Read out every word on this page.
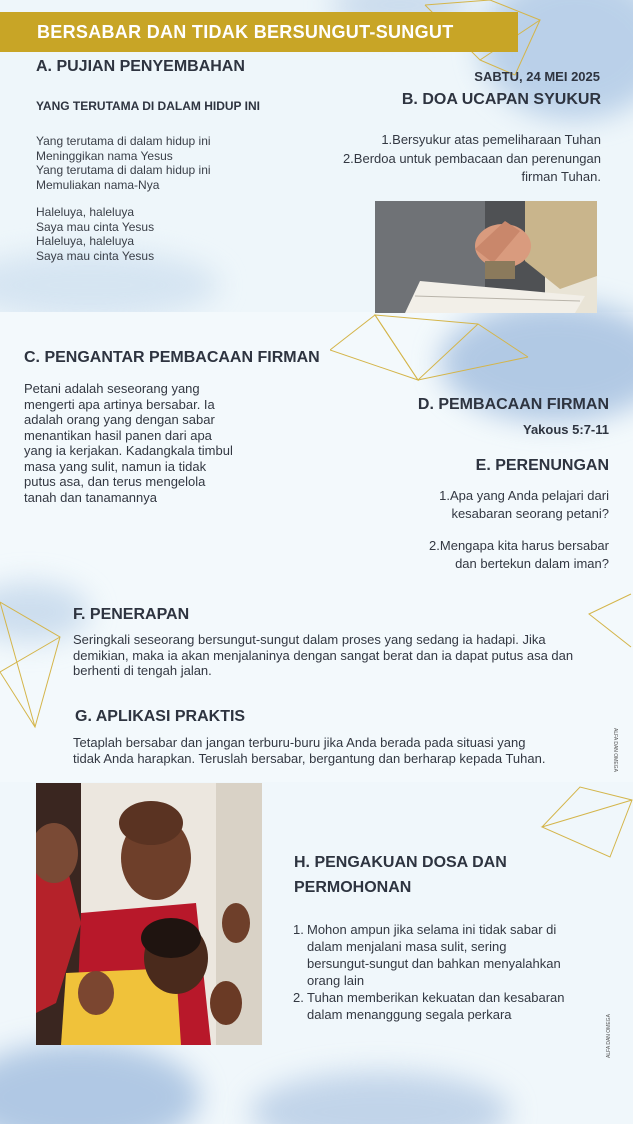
BERSABAR DAN TIDAK BERSUNGUT-SUNGUT
A. PUJIAN PENYEMBAHAN
YANG TERUTAMA DI DALAM HIDUP INI
Yang terutama di dalam hidup ini
Meninggikan nama Yesus
Yang terutama di dalam hidup ini
Memuliakan nama-Nya
Haleluya, haleluya
Saya mau cinta Yesus
Haleluya, haleluya
Saya mau cinta Yesus
SABTU, 24 MEI 2025
B. DOA UCAPAN SYUKUR
1.Bersyukur atas pemeliharaan Tuhan
2.Berdoa untuk pembacaan dan perenungan
firman Tuhan.
C. PENGANTAR PEMBACAAN FIRMAN
Petani adalah seseorang yang
mengerti apa artinya bersabar. Ia
adalah orang yang dengan sabar
menantikan hasil panen dari apa
yang ia kerjakan. Kadangkala timbul
masa yang sulit, namun ia tidak
putus asa, dan terus mengelola
tanah dan tanamannya
D. PEMBACAAN FIRMAN
Yakous 5:7-11
E. PERENUNGAN
1.Apa yang Anda pelajari dari
kesabaran seorang petani?
2.Mengapa kita harus bersabar
dan bertekun dalam iman?
F. PENERAPAN
Seringkali seseorang bersungut-sungut dalam proses yang sedang ia hadapi. Jika
demikian, maka ia akan menjalaninya dengan sangat berat dan ia dapat putus asa dan
berhenti di tengah jalan.
G. APLIKASI PRAKTIS
Tetaplah bersabar dan jangan terburu-buru jika Anda berada pada situasi yang
tidak Anda harapkan. Teruslah bersabar, bergantung dan berharap kepada Tuhan.	ALFA DAN OMEGA
ALFA DAN OMEGA
H. PENGAKUAN DOSA DAN
PERMOHONAN
1. Mohon ampun jika selama ini tidak sabar di
dalam menjalani masa sulit, sering
bersungut-sungut dan bahkan menyalahkan
orang lain
2. Tuhan memberikan kekuatan dan kesabaran
dalam menanggung segala perkara
